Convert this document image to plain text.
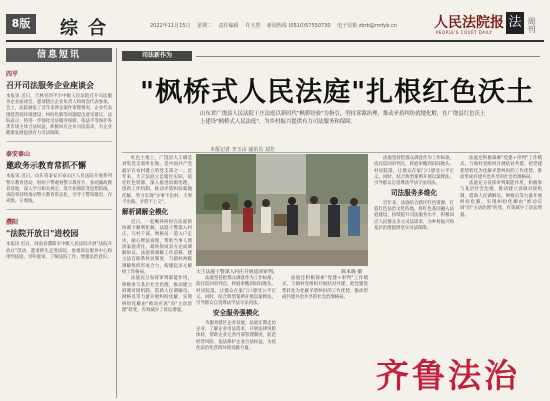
8版	综合	2022年11月15日 星期二 责任编辑 许大慧 新闻热线 (0510)57550730 电子信箱 zbrb@rmfyb.cn	人民法院报
PEOPLE'S COURT DAILY
法 周刊
信息短讯
四平
召开司法服务企业座谈会
本报讯 近日，吉林省四平市中级人民法院召开司法服务企业座谈会，邀请辖区企业负责人和商会代表参加。会上，法院通报了近年来涉企案件审理情况，企业代表围绕营商环境建设、纠纷化解等问题提出意见建议。法院表示，将进一步强化司法服务保障，依法平等保护各类市场主体合法权益，积极回应企业司法需求，为企业健康发展提供有力司法保障。
泰安泰山
邀政务示教育常抓不懈
本报讯 近日，山东省泰安市泰山区人民法院开展系列警示教育活动，组织干警观看警示教育片，参观廉政教育基地，深入学习相关规定，筑牢拒腐防变思想防线。该院将持续推动警示教育常态化，引导干警知敬畏、存戒惧、守底线。
濮阳
"法院开放日"进校园
本报讯 近日，河南省濮阳市中级人民法院开展"法院开放日"活动，邀请师生走进法院，参观诉讼服务中心和审判法庭，旁听庭审，了解法院工作，增强法治意识。
司法新作为
"枫桥式人民法庭"扎根红色沃土
山东省广饶县人民法院丁庄法庭以新时代"枫桥经验"为指引，坚持诉源治理，推动矛盾纠纷就地化解，在广饶县红色沃土上建设"枫桥式人民法庭"，为乡村振兴提供有力司法服务和保障。
本报记者 李玉山 通讯员 刘芳

红色土地上，广饶县大王镇是刘集党支部所在地，是中国共产党最早在农村建立的党支部之一。近年来，大王法庭立足辖区实际，依托红色资源，深入推进诉源治理，创新工作机制，推动矛盾纠纷就地化解，努力实现"小事不出村、大事不出镇、矛盾不上交"。

解析调解全模化

近日，一起赡养纠纷在法庭的协调下顺利化解。法庭干警深入村庄，与村干部、网格员一道入户走访，耐心释法说理，帮助当事人理清家庭责任，最终促成双方达成调解协议。法庭将调解工作前移，建立法官联系村居制度，与镇村两级调解组织形成合力，构建起多元解纷工作格局。

法庭充分发挥审判职能作用，积极参与基层社会治理，推动建立诉调对接机制，借助人民调解员、网格员等力量开展纠纷化解，实现纠纷化解由"被动应诉"向"主动治理"转变，有效减少了诉讼增量。

大王法庭干警深入村庄开展巡回审判。	陈本晓 摄

法庭坚持把群众满意作为工作标准，依托巡回审判点，将庭审搬到田间地头、村居院落，让群众在家门口感受公平正义。同时，结合典型案例开展以案释法，引导群众自觉尊法学法守法用法。

安全服务强模化

为服务辖区企业发展，法庭定期走访企业，了解企业司法需求，开展法律风险体检，帮助企业完善内部管理制度，防范经营风险，依法保护企业合法权益，为优化法治化营商环境贡献力量。

法庭还积极探索"党建+审判"工作模式，与镇村党组织开展结对共建，把党建优势转化为化解矛盾纠纷的工作优势，推动形成共建共治共享的社会治理格局。

法庭坚持把群众满意作为工作标准，依托巡回审判点，将庭审搬到田间地头、村居院落，让群众在家门口感受公平正义。同时，结合典型案例开展以案释法，引导群众自觉尊法学法守法用法。

司法服务多维化

近年来，法庭结合辖区红色资源，打造红色法治文化阵地，将红色基因融入法庭建设，持续提升司法服务水平，积极回应人民群众多元司法需求，为乡村振兴和基层治理提供坚实司法保障。

法庭还积极探索"党建+审判"工作模式，与镇村党组织开展结对共建，把党建优势转化为化解矛盾纠纷的工作优势，推动形成共建共治共享的社会治理格局。

法庭充分发挥审判职能作用，积极参与基层社会治理，推动建立诉调对接机制，借助人民调解员、网格员等力量开展纠纷化解，实现纠纷化解由"被动应诉"向"主动治理"转变，有效减少了诉讼增量。

齐鲁法治
